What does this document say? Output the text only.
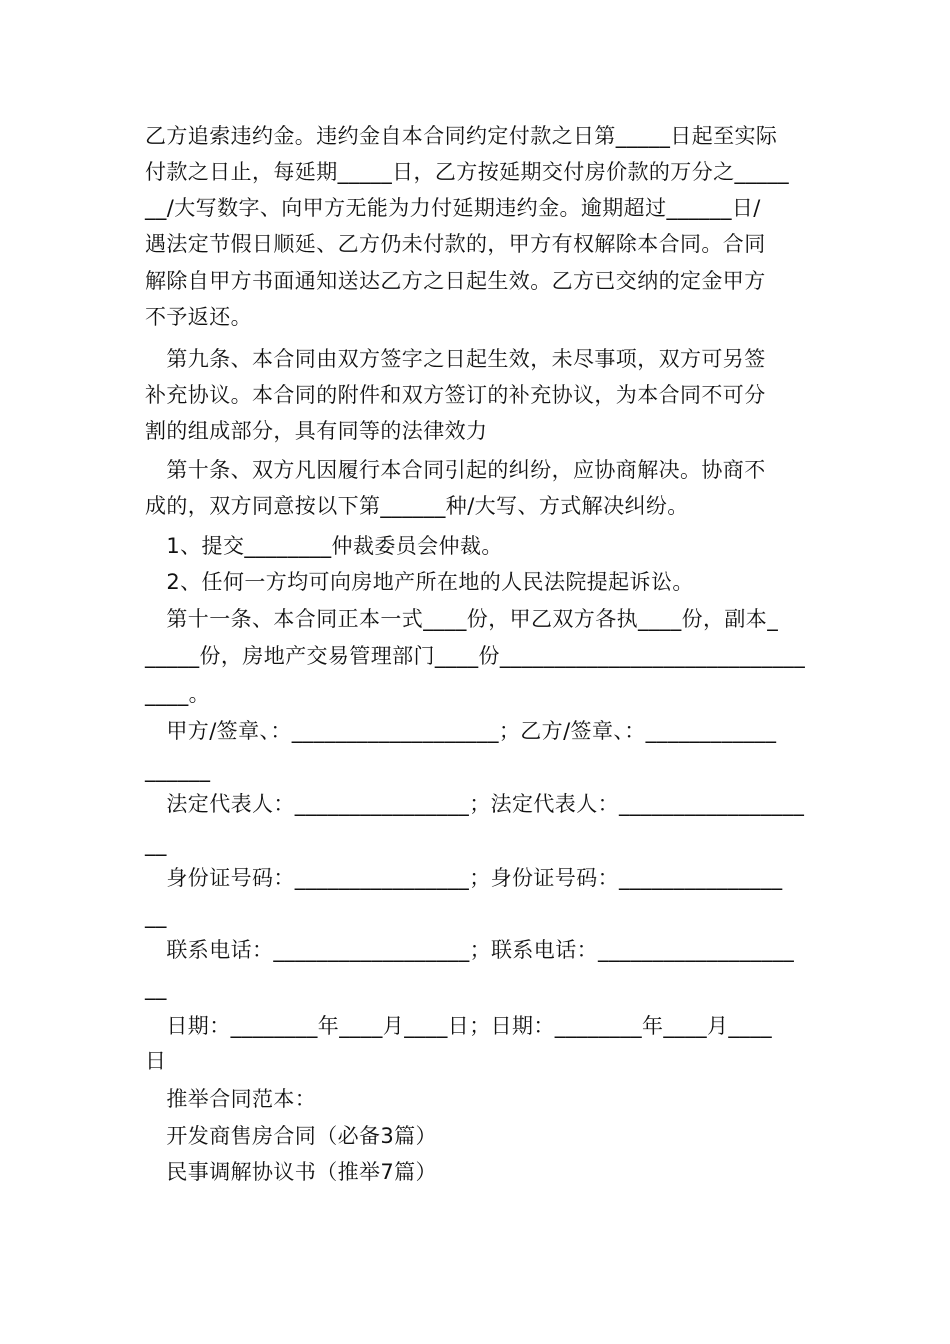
乙方追索违约金。违约金自本合同约定付款之日第_____日起至实际
付款之日止，每延期_____日，乙方按延期交付房价款的万分之_____
__/大写数字、向甲方无能为力付延期违约金。逾期超过______日/
遇法定节假日顺延、乙方仍未付款的，甲方有权解除本合同。合同
解除自甲方书面通知送达乙方之日起生效。乙方已交纳的定金甲方
不予返还。
　第九条、本合同由双方签字之日起生效，未尽事项，双方可另签
补充协议。本合同的附件和双方签订的补充协议，为本合同不可分
割的组成部分，具有同等的法律效力
　第十条、双方凡因履行本合同引起的纠纷，应协商解决。协商不
成的，双方同意按以下第______种/大写、方式解决纠纷。
　1、提交________仲裁委员会仲裁。
　2、任何一方均可向房地产所在地的人民法院提起诉讼。
　第十一条、本合同正本一式____份，甲乙双方各执____份，副本_
_____份，房地产交易管理部门____份____________________________
____。
　甲方/签章、：___________________；乙方/签章、：____________
______
　法定代表人：________________；法定代表人：_________________
__
　身份证号码：________________；身份证号码：_______________
__
　联系电话：__________________；联系电话：__________________
__
　日期：________年____月____日；日期：________年____月____
日
　推举合同范本：
　开发商售房合同（必备3篇）
　民事调解协议书（推举7篇）
